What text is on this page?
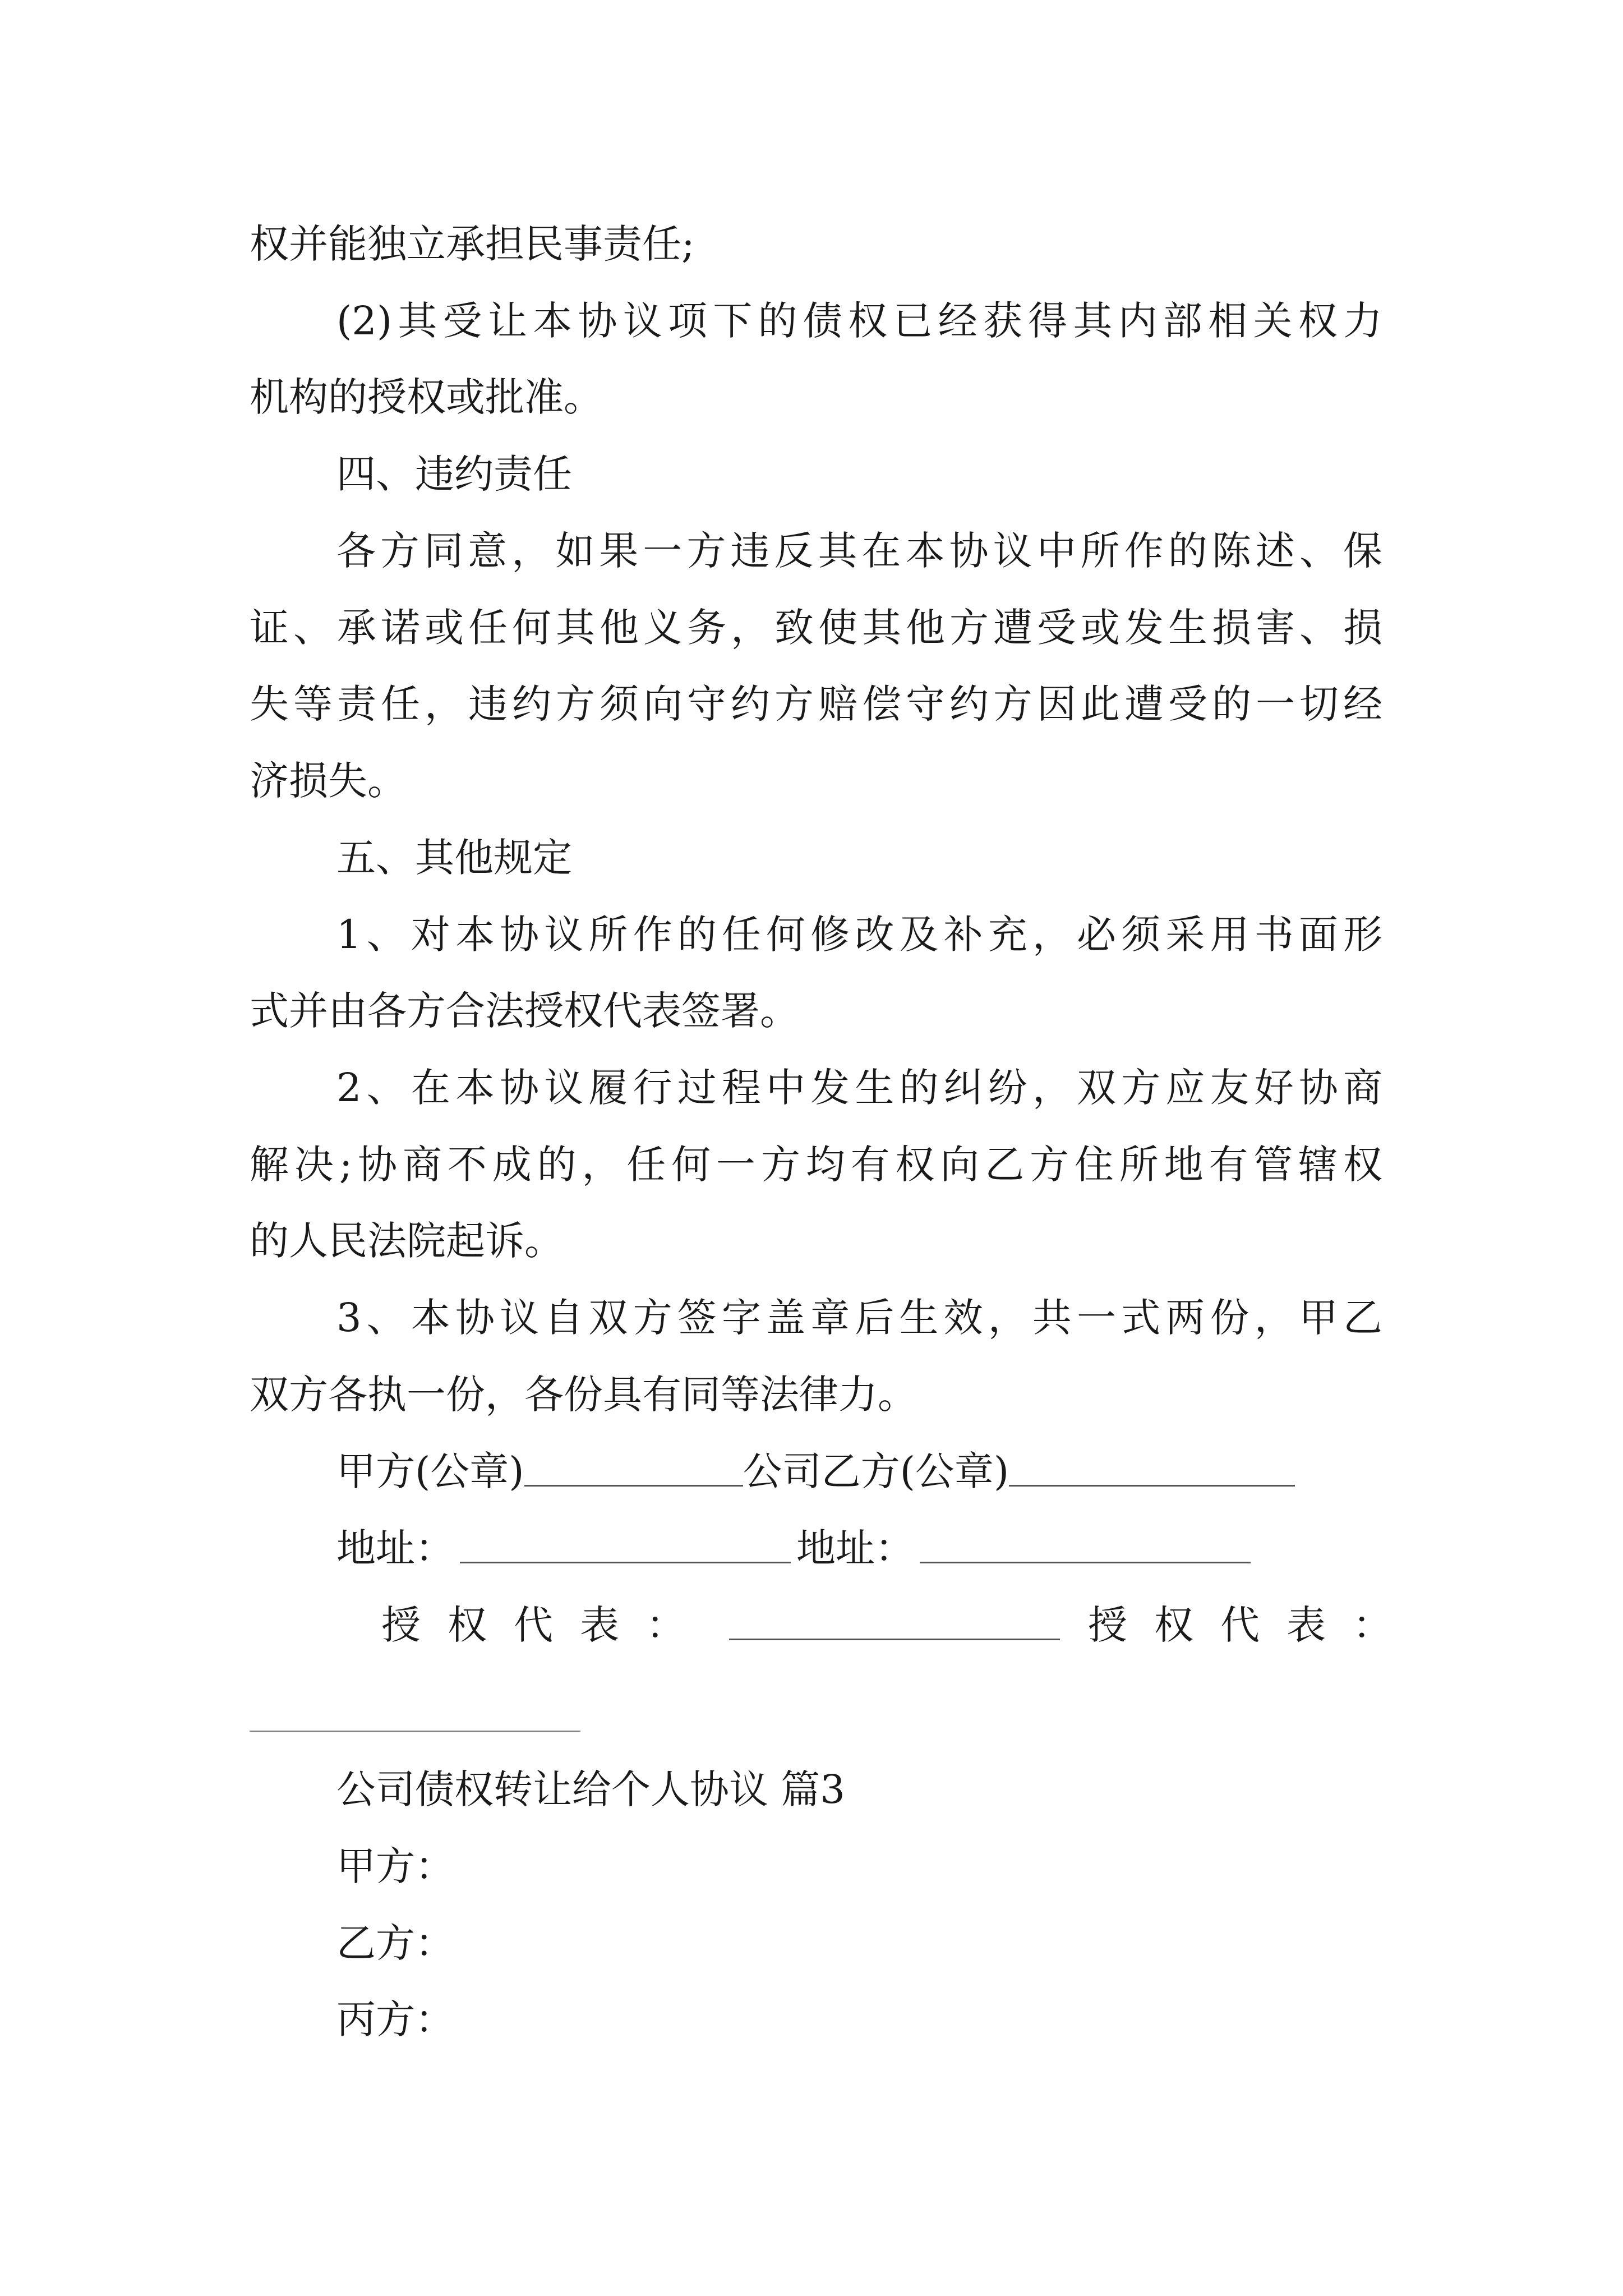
权并能独立承担民事责任;
(2)其受让本协议项下的债权已经获得其内部相关权力
机构的授权或批准。
四、违约责任
各方同意，如果一方违反其在本协议中所作的陈述、保
证、承诺或任何其他义务，致使其他方遭受或发生损害、损
失等责任，违约方须向守约方赔偿守约方因此遭受的一切经
济损失。
五、其他规定
1、对本协议所作的任何修改及补充，必须采用书面形
式并由各方合法授权代表签署。
2、在本协议履行过程中发生的纠纷，双方应友好协商
解决;协商不成的，任何一方均有权向乙方住所地有管辖权
的人民法院起诉。
3、本协议自双方签字盖章后生效，共一式两份，甲乙
双方各执一份，各份具有同等法律力。
甲方(公章)	公司乙方(公章)
地址：	地址：
授权代表：	授权代表：
公司债权转让给个人协议 篇3
甲方：
乙方：
丙方：
